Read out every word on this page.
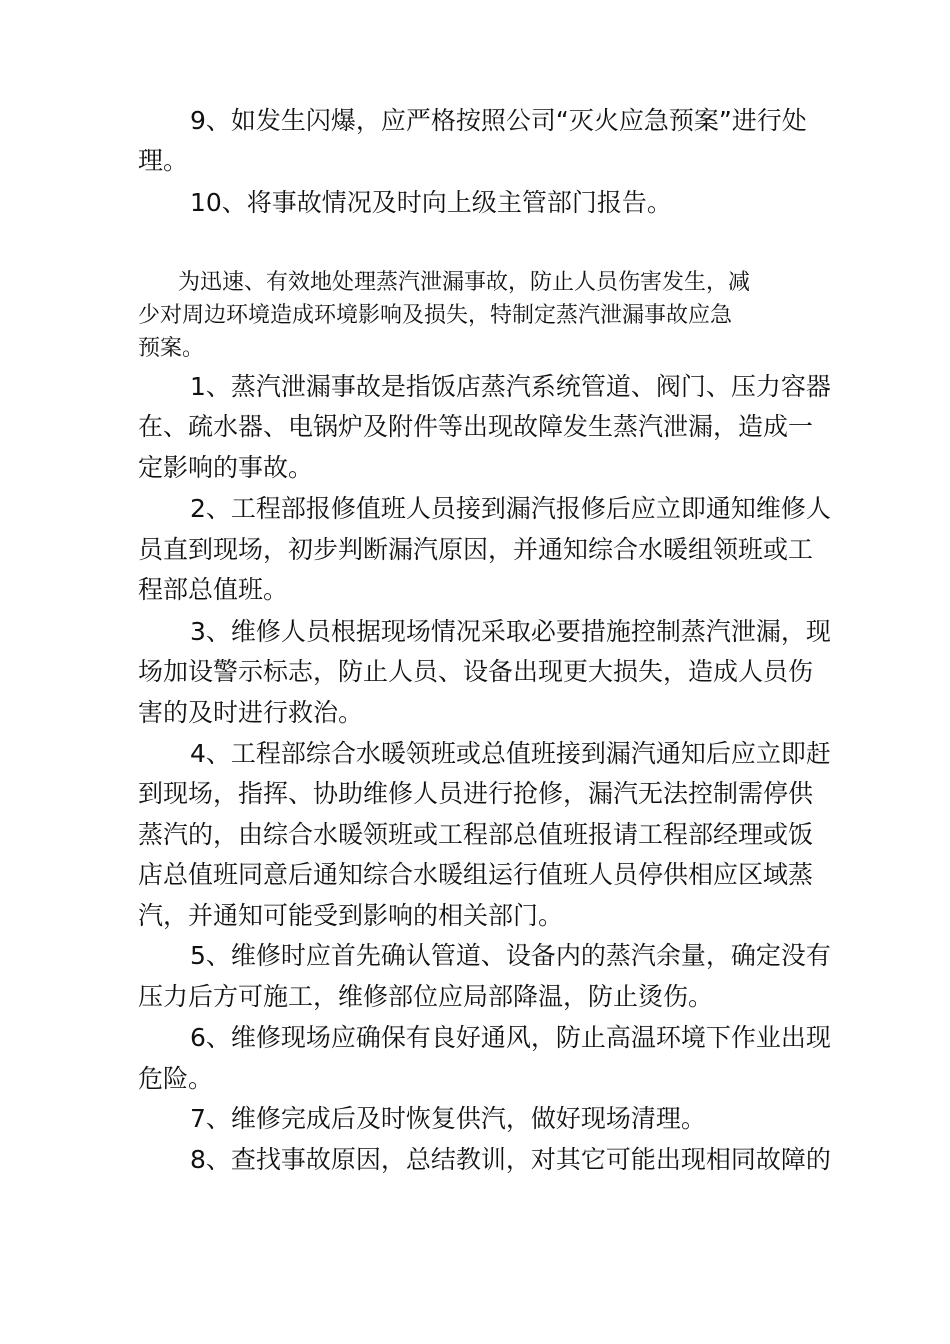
9、如发生闪爆，应严格按照公司“灭火应急预案”进行处
理。
10、将事故情况及时向上级主管部门报告。
为迅速、有效地处理蒸汽泄漏事故，防止人员伤害发生，减
少对周边环境造成环境影响及损失，特制定蒸汽泄漏事故应急
预案。
1、蒸汽泄漏事故是指饭店蒸汽系统管道、阀门、压力容器
在、疏水器、电锅炉及附件等出现故障发生蒸汽泄漏，造成一
定影响的事故。
2、工程部报修值班人员接到漏汽报修后应立即通知维修人
员直到现场，初步判断漏汽原因，并通知综合水暖组领班或工
程部总值班。
3、维修人员根据现场情况采取必要措施控制蒸汽泄漏，现
场加设警示标志，防止人员、设备出现更大损失，造成人员伤
害的及时进行救治。
4、工程部综合水暖领班或总值班接到漏汽通知后应立即赶
到现场，指挥、协助维修人员进行抢修，漏汽无法控制需停供
蒸汽的，由综合水暖领班或工程部总值班报请工程部经理或饭
店总值班同意后通知综合水暖组运行值班人员停供相应区域蒸
汽，并通知可能受到影响的相关部门。
5、维修时应首先确认管道、设备内的蒸汽余量，确定没有
压力后方可施工，维修部位应局部降温，防止烫伤。
6、维修现场应确保有良好通风，防止高温环境下作业出现
危险。
7、维修完成后及时恢复供汽，做好现场清理。
8、查找事故原因，总结教训，对其它可能出现相同故障的
